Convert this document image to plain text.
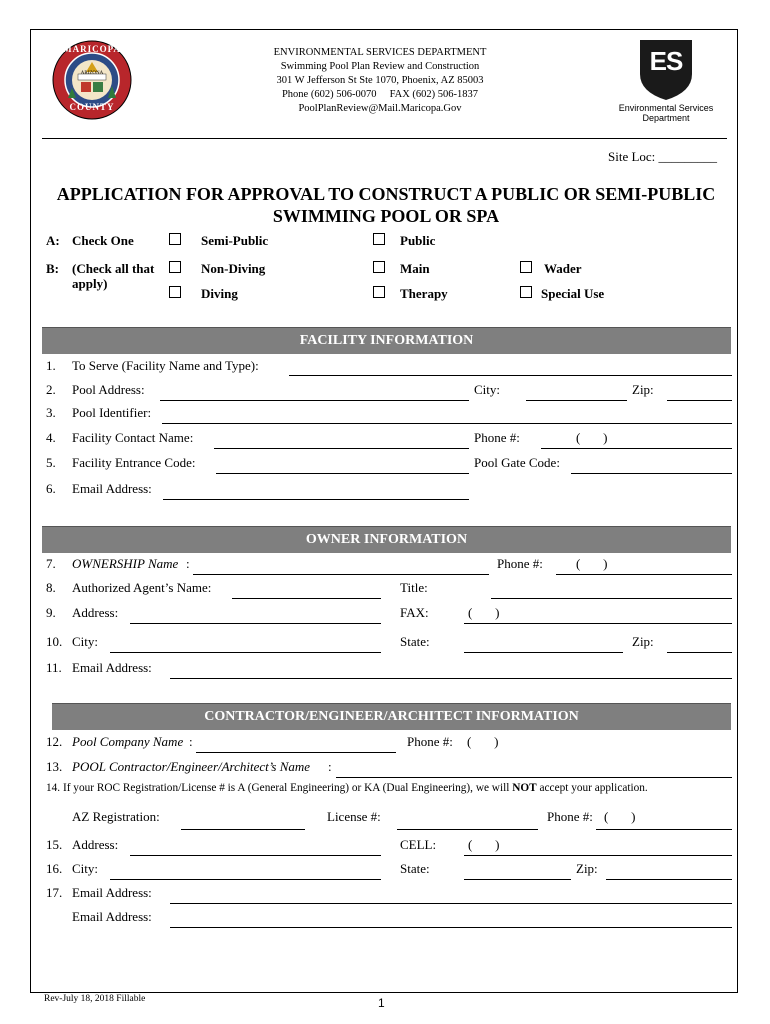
MARICOPA
COUNTY
ARIZONA
ENVIRONMENTAL SERVICES DEPARTMENT
Swimming Pool Plan Review and Construction
301 W Jefferson St Ste 1070, Phoenix, AZ 85003
Phone (602) 506-0070     FAX (602) 506-1837
PoolPlanReview@Mail.Maricopa.Gov
ES
Environmental Services
Department
Site Loc: _________
APPLICATION FOR APPROVAL TO CONSTRUCT A PUBLIC OR SEMI-PUBLIC
SWIMMING POOL OR SPA
A: Check One	Semi-Public	Public
B: (Check all that
apply)
Non-Diving	Main	Wader
Diving	Therapy	Special Use
FACILITY INFORMATION
1. To Serve (Facility Name and Type):
2. Pool Address:	City:	Zip:
3. Pool Identifier:
4. Facility Contact Name:	Phone #:	(       )
5. Facility Entrance Code:	Pool Gate Code:
6. Email Address:
OWNER INFORMATION
7. OWNERSHIP Name :	Phone #:	(       )
8. Authorized Agent’s Name:	Title:
9. Address:	FAX:	(       )
10. City:	State:	Zip:
11. Email Address:
CONTRACTOR/ENGINEER/ARCHITECT INFORMATION
12. Pool Company Name :	Phone #: (       )
13. POOL Contractor/Engineer/Architect’s Name :
14. If your ROC Registration/License # is A (General Engineering) or KA (Dual Engineering), we will NOT accept your application.
AZ Registration:	License #:	Phone #: (       )
15. Address:	CELL: (       )
16. City:	State:	Zip:
17. Email Address:
Email Address:
Rev-July 18, 2018 Fillable	1
